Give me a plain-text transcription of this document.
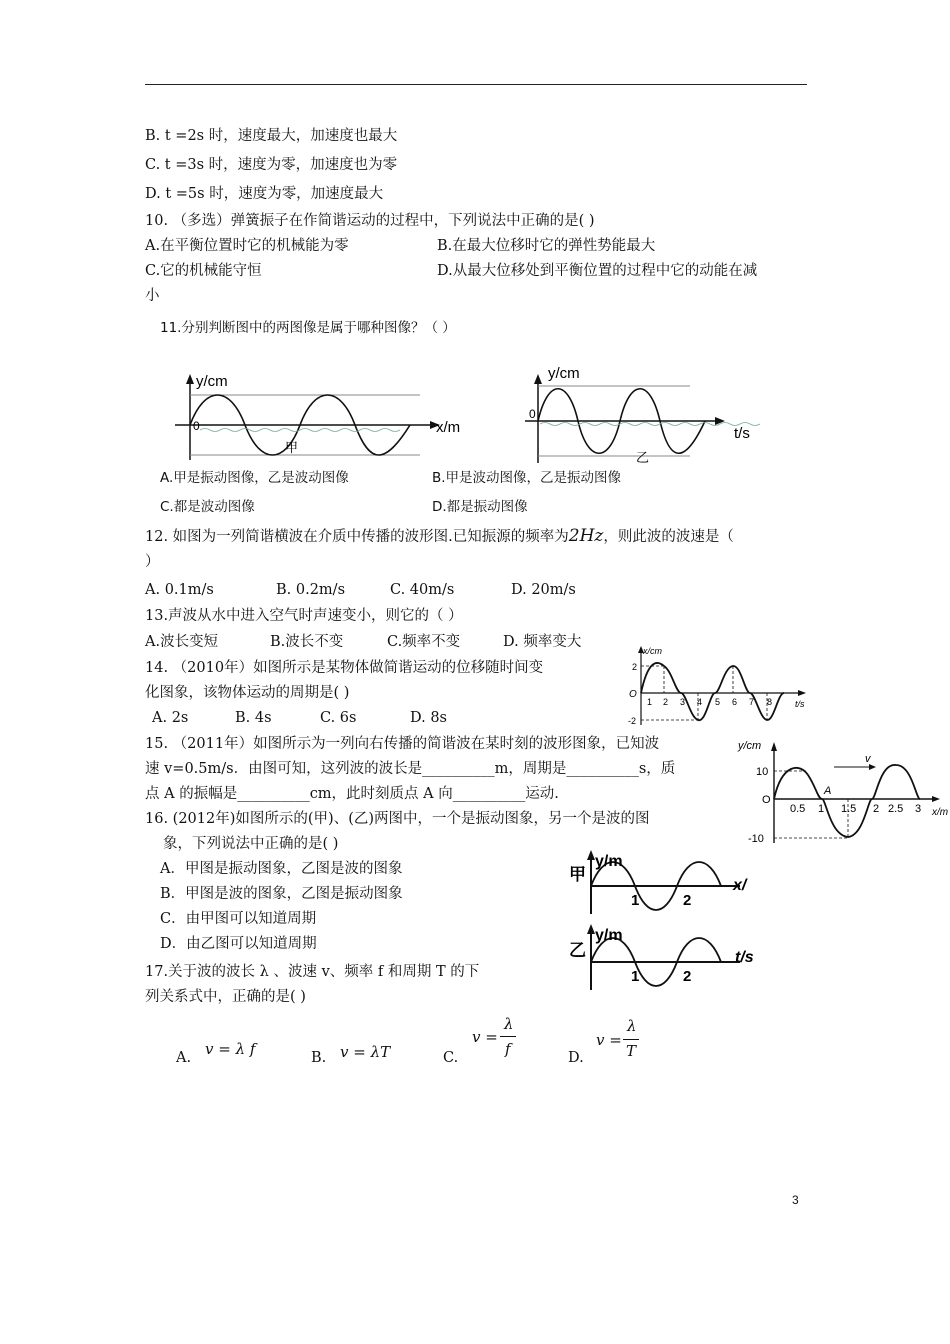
B. t =2s 时，速度最大，加速度也最大
C. t =3s 时，速度为零，加速度也为零
D. t =5s 时，速度为零，加速度最大
10. （多选）弹簧振子在作简谐运动的过程中，下列说法中正确的是( )
A.在平衡位置时它的机械能为零	B.在最大位移时它的弹性势能最大
C.它的机械能守恒	D.从最大位移处到平衡位置的过程中它的动能在减
小
11.分别判断图中的两图像是属于哪种图像？（ ）
y/cm
x/m
0
甲
y/cm
t/s
0
乙
A.甲是振动图像，乙是波动图像	B.甲是波动图像，乙是振动图像
C.都是波动图像	D.都是振动图像
12. 如图为一列简谐横波在介质中传播的波形图.已知振源的频率为2Hz，则此波的波速是（
）
A. 0.1m/s	B. 0.2m/s	C. 40m/s	D. 20m/s
13.声波从水中进入空气时声速变小，则它的（ ）
A.波长变短	B.波长不变	C.频率不变	D. 频率变大
14. （2010年）如图所示是某物体做简谐运动的位移随时间变
化图象，该物体运动的周期是( )
A. 2s	B. 4s	C. 6s	D. 8s
x/cm
t/s
O
2
-2
1 2 3 4 5 6 7 8
15. （2011年）如图所示为一列向右传播的简谐波在某时刻的波形图象，已知波
速 v=0.5m/s．由图可知，这列波的波长是__________m，周期是__________s，质
点 A 的振幅是__________cm，此时刻质点 A 向__________运动.
y/cm
x/m
O
v
A
10
-10
0.5 1 1.5 2 2.5 3
16. (2012年)如图所示的(甲)、(乙)两图中，一个是振动图象，另一个是波的图
象，下列说法中正确的是( )
A．甲图是振动图象，乙图是波的图象
B．甲图是波的图象，乙图是振动图象
C．由甲图可以知道周期
D．由乙图可以知道周期
甲
y/m
x/
1	2
乙
y/m
t/s
1	2
17.关于波的波长 λ 、波速 v、频率 f 和周期 T 的下
列关系式中，正确的是( )
A. v = λ f	B. v = λT	C.
v =
λ
f	D.
v =
λ
T
3
